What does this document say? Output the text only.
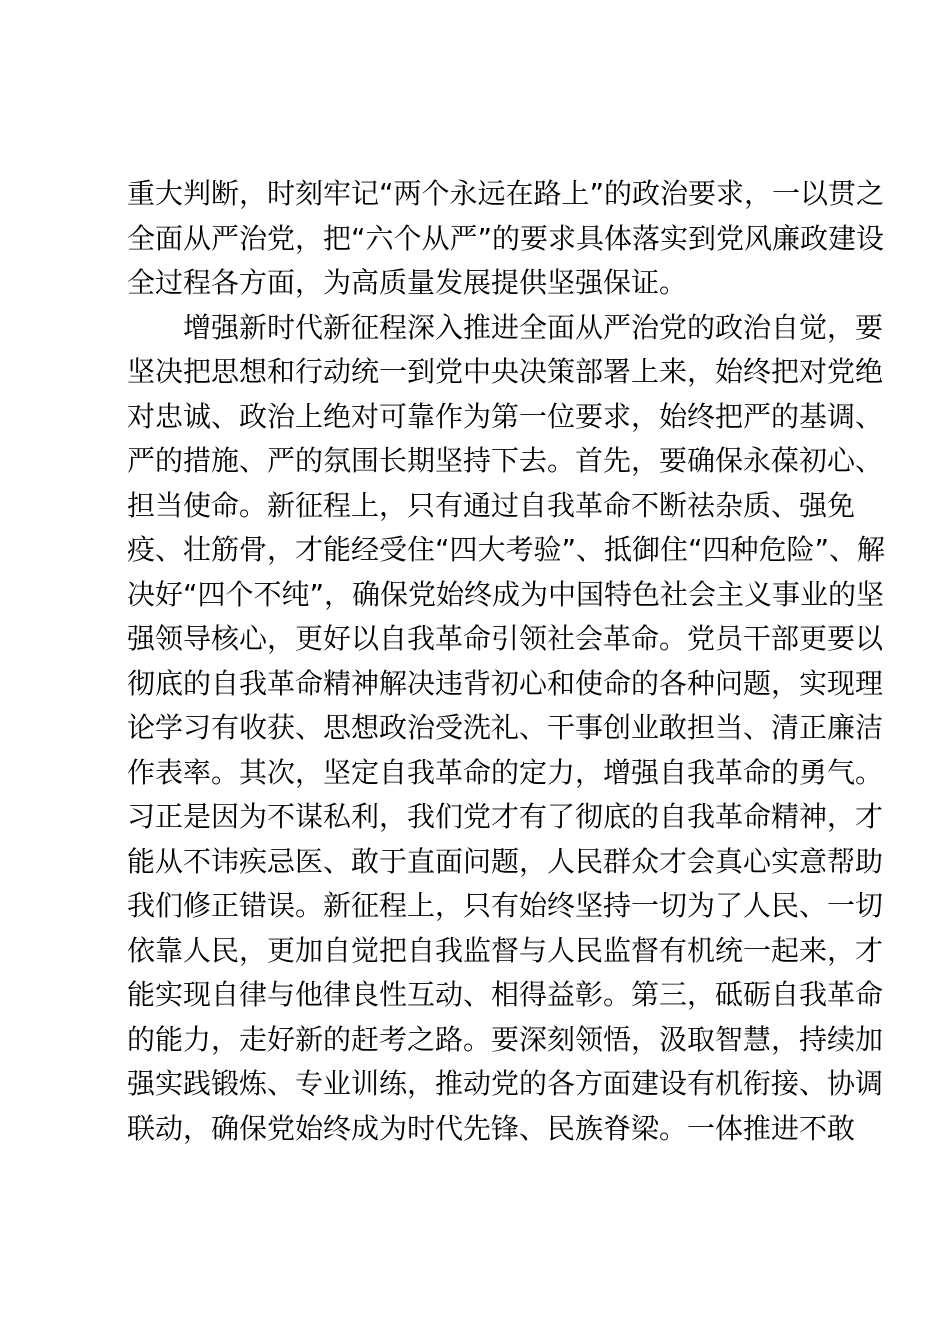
重大判断，时刻牢记“两个永远在路上”的政治要求，一以贯之
全面从严治党，把“六个从严”的要求具体落实到党风廉政建设
全过程各方面，为高质量发展提供坚强保证。
增强新时代新征程深入推进全面从严治党的政治自觉，要
坚决把思想和行动统一到党中央决策部署上来，始终把对党绝
对忠诚、政治上绝对可靠作为第一位要求，始终把严的基调、
严的措施、严的氛围长期坚持下去。首先，要确保永葆初心、
担当使命。新征程上，只有通过自我革命不断祛杂质、强免
疫、壮筋骨，才能经受住“四大考验”、抵御住“四种危险”、解
决好“四个不纯”，确保党始终成为中国特色社会主义事业的坚
强领导核心，更好以自我革命引领社会革命。党员干部更要以
彻底的自我革命精神解决违背初心和使命的各种问题，实现理
论学习有收获、思想政治受洗礼、干事创业敢担当、清正廉洁
作表率。其次，坚定自我革命的定力，增强自我革命的勇气。
习正是因为不谋私利，我们党才有了彻底的自我革命精神，才
能从不讳疾忌医、敢于直面问题，人民群众才会真心实意帮助
我们修正错误。新征程上，只有始终坚持一切为了人民、一切
依靠人民，更加自觉把自我监督与人民监督有机统一起来，才
能实现自律与他律良性互动、相得益彰。第三，砥砺自我革命
的能力，走好新的赶考之路。要深刻领悟，汲取智慧，持续加
强实践锻炼、专业训练，推动党的各方面建设有机衔接、协调
联动，确保党始终成为时代先锋、民族脊梁。一体推进不敢
